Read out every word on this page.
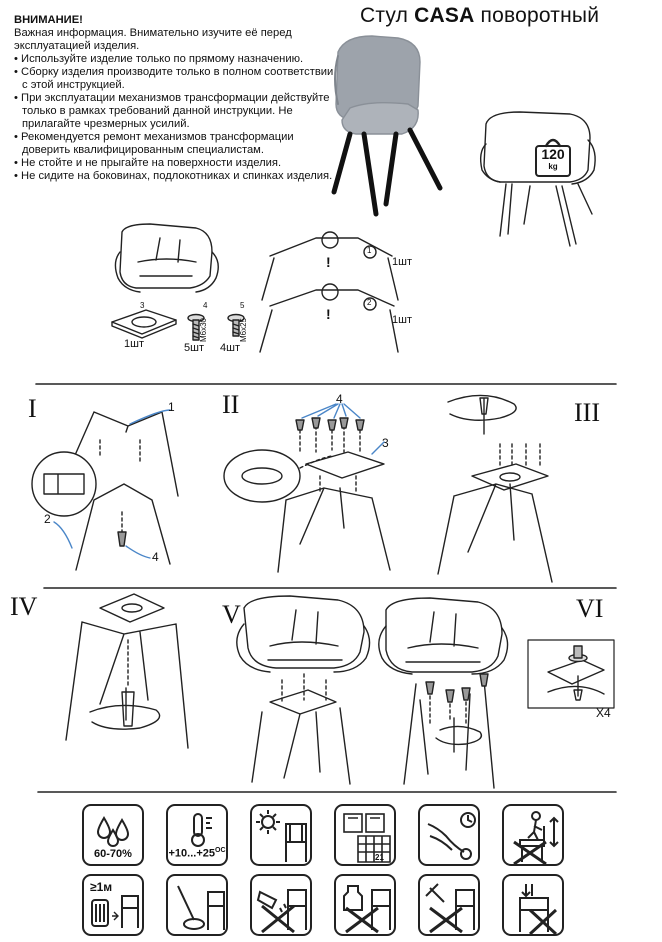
Стул CASA поворотный
ВНИМАНИЕ!
Важная информация. Внимательно изучите её перед эксплуатацией изделия.
• Используйте изделие только по прямому назначению.
• Сборку изделия производите только в полном соответствии с этой инструкцией.
• При эксплуатации механизмов трансформации действуйте только в рамках требований данной инструкции. Не прилагайте чрезмерных усилий.
• Рекомендуется ремонт механизмов трансформации доверить квалифицированным специалистам.
• Не стойте и не прыгайте на поверхности изделия.
• Не сидите на боковинах, подлокотниках и спинках изделия.
120
kg
1
1шт
2
1шт
!
!
3
1шт
4
M6x30
5шт
5
M6x25
4шт
I	II	III
IV	V	VI
1
2
4
4
3
X4
60-70%	$+10...+25^{OC}$
21
≥1м
